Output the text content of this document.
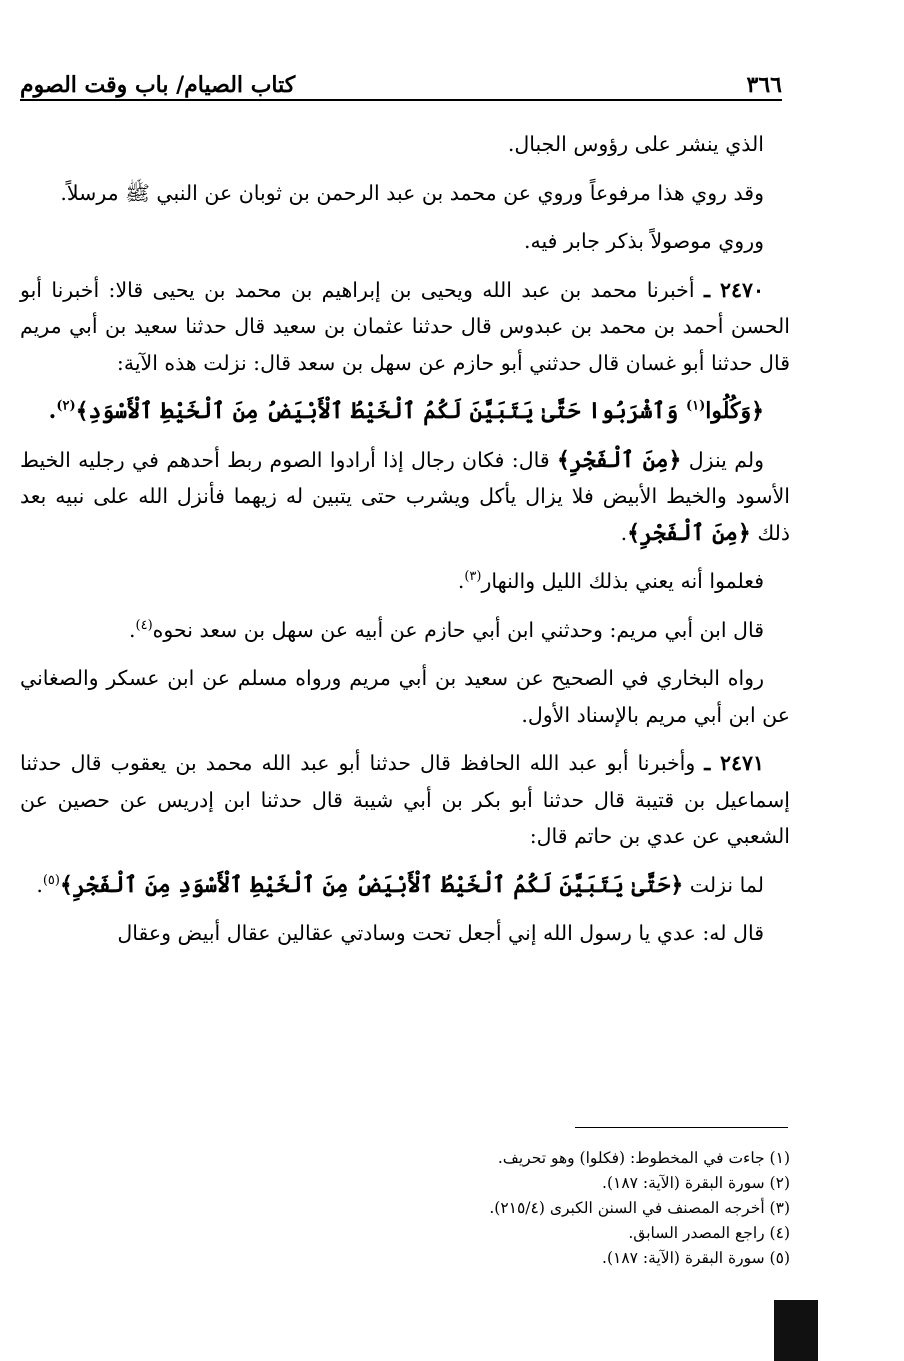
٣٦٦
كتاب الصيام/ باب وقت الصوم

الذي ينشر على رؤوس الجبال.

وقد روي هذا مرفوعاً وروي عن محمد بن عبد الرحمن بن ثوبان عن النبي ﷺ مرسلاً.

وروي موصولاً بذكر جابر فيه.

٢٤٧٠ ـ أخبرنا محمد بن عبد الله ويحيى بن إبراهيم بن محمد بن يحيى قالا: أخبرنا أبو الحسن أحمد بن محمد بن عبدوس قال حدثنا عثمان بن سعيد قال حدثنا سعيد بن أبي مريم قال حدثنا أبو غسان قال حدثني أبو حازم عن سهل بن سعد قال: نزلت هذه الآية:

﴿وَكُلُوا$^{(١)}$ وَٱشْرَبُوا حَتَّىٰ يَتَبَيَّنَ لَكُمُ ٱلْخَيْطُ ٱلْأَبْيَضُ مِنَ ٱلْخَيْطِ ٱلْأَسْوَدِ﴾$^{(٢)}$.

ولم ينزل ﴿مِنَ ٱلْفَجْرِ﴾ قال: فكان رجال إذا أرادوا الصوم ربط أحدهم في رجليه الخيط الأسود والخيط الأبيض فلا يزال يأكل ويشرب حتى يتبين له زيهما فأنزل الله على نبيه بعد ذلك ﴿مِنَ ٱلْفَجْرِ﴾.

فعلموا أنه يعني بذلك الليل والنهار$^{(٣)}$.

قال ابن أبي مريم: وحدثني ابن أبي حازم عن أبيه عن سهل بن سعد نحوه$^{(٤)}$.

رواه البخاري في الصحيح عن سعيد بن أبي مريم ورواه مسلم عن ابن عسكر والصغاني عن ابن أبي مريم بالإسناد الأول.

٢٤٧١ ـ وأخبرنا أبو عبد الله الحافظ قال حدثنا أبو عبد الله محمد بن يعقوب قال حدثنا إسماعيل بن قتيبة قال حدثنا أبو بكر بن أبي شيبة قال حدثنا ابن إدريس عن حصين عن الشعبي عن عدي بن حاتم قال:

لما نزلت ﴿حَتَّىٰ يَتَبَيَّنَ لَكُمُ ٱلْخَيْطُ ٱلْأَبْيَضُ مِنَ ٱلْخَيْطِ ٱلْأَسْوَدِ مِنَ ٱلْفَجْرِ﴾$^{(٥)}$.

قال له: عدي يا رسول الله إني أجعل تحت وسادتي عقالين عقال أبيض وعقال

(١) جاءت في المخطوط: (فكلوا) وهو تحريف.
(٢) سورة البقرة (الآية: ١٨٧).
(٣) أخرجه المصنف في السنن الكبرى (٢١٥/٤).
(٤) راجع المصدر السابق.
(٥) سورة البقرة (الآية: ١٨٧).
